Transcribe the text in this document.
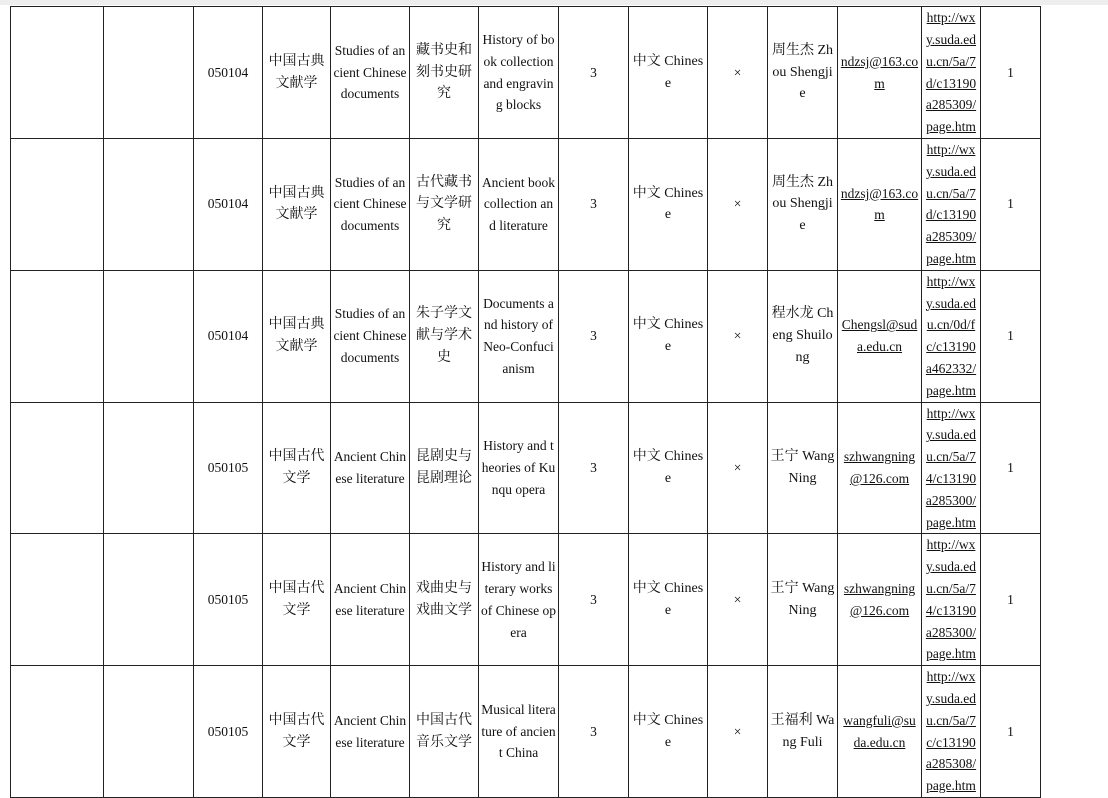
		050104	中国古典文献学	Studies of ancient Chinese documents	藏书史和刻书史研究	History of book collection and engraving blocks	3	中文 Chinese	×	周生杰 Zhou Shengjie	ndzsj@163.com	http://wxy.suda.edu.cn/5a/7d/c13190a285309/page.htm	1
		050104	中国古典文献学	Studies of ancient Chinese documents	古代藏书与文学研究	Ancient book collection and literature	3	中文 Chinese	×	周生杰 Zhou Shengjie	ndzsj@163.com	http://wxy.suda.edu.cn/5a/7d/c13190a285309/page.htm	1
		050104	中国古典文献学	Studies of ancient Chinese documents	朱子学文献与学术史	Documents and history of Neo-Confucianism	3	中文 Chinese	×	程水龙 Cheng Shuilong	Chengsl@suda.edu.cn	http://wxy.suda.edu.cn/0d/fc/c13190a462332/page.htm	1
		050105	中国古代文学	Ancient Chinese literature	昆剧史与昆剧理论	History and theories of Kunqu opera	3	中文 Chinese	×	王宁 Wang Ning	szhwangning@126.com	http://wxy.suda.edu.cn/5a/74/c13190a285300/page.htm	1
		050105	中国古代文学	Ancient Chinese literature	戏曲史与戏曲文学	History and literary works of Chinese opera	3	中文 Chinese	×	王宁 Wang Ning	szhwangning@126.com	http://wxy.suda.edu.cn/5a/74/c13190a285300/page.htm	1
		050105	中国古代文学	Ancient Chinese literature	中国古代音乐文学	Musical literature of ancient China	3	中文 Chinese	×	王福利 Wang Fuli	wangfuli@suda.edu.cn	http://wxy.suda.edu.cn/5a/7c/c13190a285308/page.htm	1
